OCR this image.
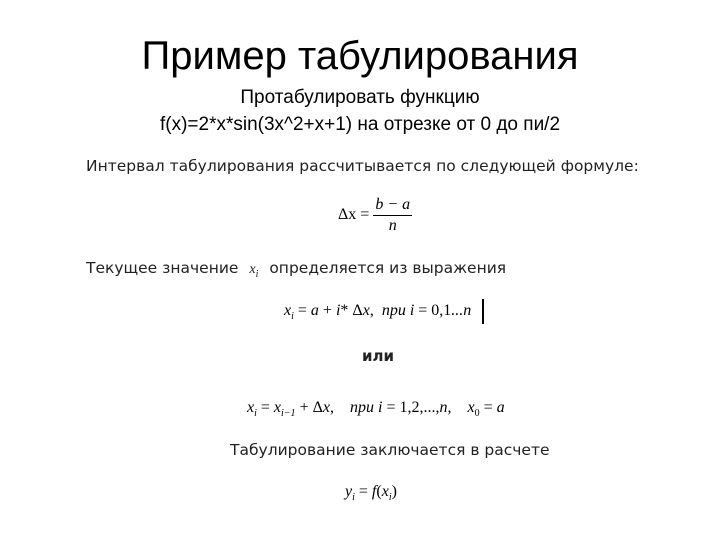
Пример табулирования
Протабулировать функцию
f(x)=2*x*sin(3x^2+x+1) на отрезке от 0 до пи/2
Интервал табулирования рассчитывается по следующей формуле:
$\Delta x = \frac{b - a}{n}$
Текущее значение $x_i$ определяется из выражения
$x_i = a + i*$ Δx,  при i = 0,1...n
или
$x_i = x_{i-1} + \Delta x$,    при i = 1,2,...,n,    $x_0 = a$
Табулирование заключается в расчете
$y_i = f(x_i)$
